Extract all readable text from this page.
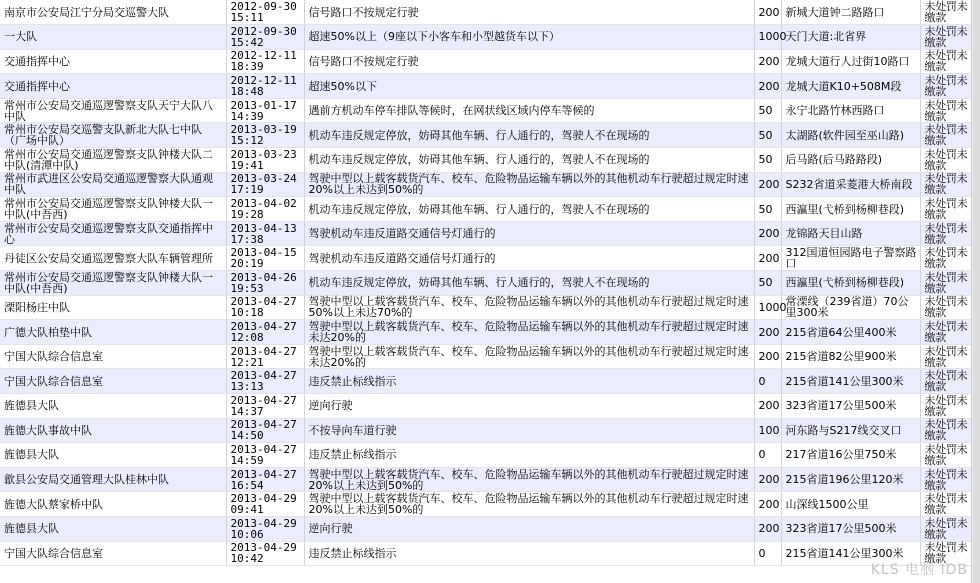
南京市公安局江宁分局交巡警大队	2012-09-30 15:11	信号路口不按规定行驶	200	新城大道钟二路路口	未处罚未缴款
一大队	2012-09-30 15:42	超速50%以上（9座以下小客车和小型越货车以下）	1000	天门大道:北省界	未处罚未缴款
交通指挥中心	2012-12-11 18:39	信号路口不按规定行驶	200	龙城大道行人过街10路口	未处罚未缴款
交通指挥中心	2012-12-11 18:48	超速50%以下	200	龙城大道K10+508M段	未处罚未缴款
常州市公安局交通巡逻警察支队天宁大队八中队	2013-01-17 14:39	遇前方机动车停车排队等候时，在网状线区域内停车等候的	50	永宁北路竹林西路口	未处罚未缴款
常州市公安局交巡警支队新北大队七中队（广场中队）	2013-03-19 15:12	机动车违反规定停放，妨碍其他车辆、行人通行的，驾驶人不在现场的	50	太湖路(软件园至巫山路)	未处罚未缴款
常州市公安局交通巡逻警察支队钟楼大队二中队(清潭中队)	2013-03-23 19:41	机动车违反规定停放，妨碍其他车辆、行人通行的，驾驶人不在现场的	50	后马路(后马路路段)	未处罚未缴款
常州市武进区公安局交通巡逻警察大队通观中队	2013-03-24 17:19	驾驶中型以上载客载货汽车、校车、危险物品运输车辆以外的其他机动车行驶超过规定时速20%以上未达到50%的	200	S232省道采菱港大桥南段	未处罚未缴款
常州市公安局交通巡逻警察支队钟楼大队一中队(中吾西)	2013-04-02 19:28	机动车违反规定停放，妨碍其他车辆、行人通行的，驾驶人不在现场的	50	西瀛里(弋桥到杨柳巷段)	未处罚未缴款
常州市公安局交通巡逻警察支队交通指挥中心	2013-04-13 17:38	驾驶机动车违反道路交通信号灯通行的	200	龙锦路天目山路	未处罚未缴款
丹徒区公安局交通巡逻警察大队车辆管理所	2013-04-15 20:19	驾驶机动车违反道路交通信号灯通行的	200	312国道恒园路电子警察路口	未处罚未缴款
常州市公安局交通巡逻警察支队钟楼大队一中队(中吾西)	2013-04-26 19:53	机动车违反规定停放，妨碍其他车辆、行人通行的，驾驶人不在现场的	50	西瀛里(弋桥到杨柳巷段)	未处罚未缴款
溧阳杨庄中队	2013-04-27 10:18	驾驶中型以上载客载货汽车、校车、危险物品运输车辆以外的其他机动车行驶超过规定时速50%以上未达70%的	1000	常溧线（239省道）70公里300米	未处罚未缴款
广德大队柏垫中队	2013-04-27 12:08	驾驶中型以上载客载货汽车、校车、危险物品运输车辆以外的其他机动车行驶超过规定时速未达20%的	200	215省道64公里400米	未处罚未缴款
宁国大队综合信息室	2013-04-27 12:21	驾驶中型以上载客载货汽车、校车、危险物品运输车辆以外的其他机动车行驶超过规定时速未达20%的	200	215省道82公里900米	未处罚未缴款
宁国大队综合信息室	2013-04-27 13:13	违反禁止标线指示	0	215省道141公里300米	未处罚未缴款
旌德县大队	2013-04-27 14:37	逆向行驶	200	323省道17公里500米	未处罚未缴款
旌德大队事故中队	2013-04-27 14:50	不按导向车道行驶	100	河东路与S217线交叉口	未处罚未缴款
旌德县大队	2013-04-27 14:59	违反禁止标线指示	0	217省道16公里750米	未处罚未缴款
歙县公安局交通管理大队桂林中队	2013-04-27 16:54	驾驶中型以上载客载货汽车、校车、危险物品运输车辆以外的其他机动车行驶超过规定时速20%以上未达到50%的	200	215省道196公里120米	未处罚未缴款
旌德大队蔡家桥中队	2013-04-29 09:41	驾驶中型以上载客载货汽车、校车、危险物品运输车辆以外的其他机动车行驶超过规定时速20%以上未达到50%的	200	山深线1500公里	未处罚未缴款
旌德县大队	2013-04-29 10:06	逆向行驶	200	323省道17公里500米	未处罚未缴款
宁国大队综合信息室	2013-04-29 10:42	违反禁止标线指示	0	215省道141公里300米	未处罚未缴款
KLS 电脑 IDB
